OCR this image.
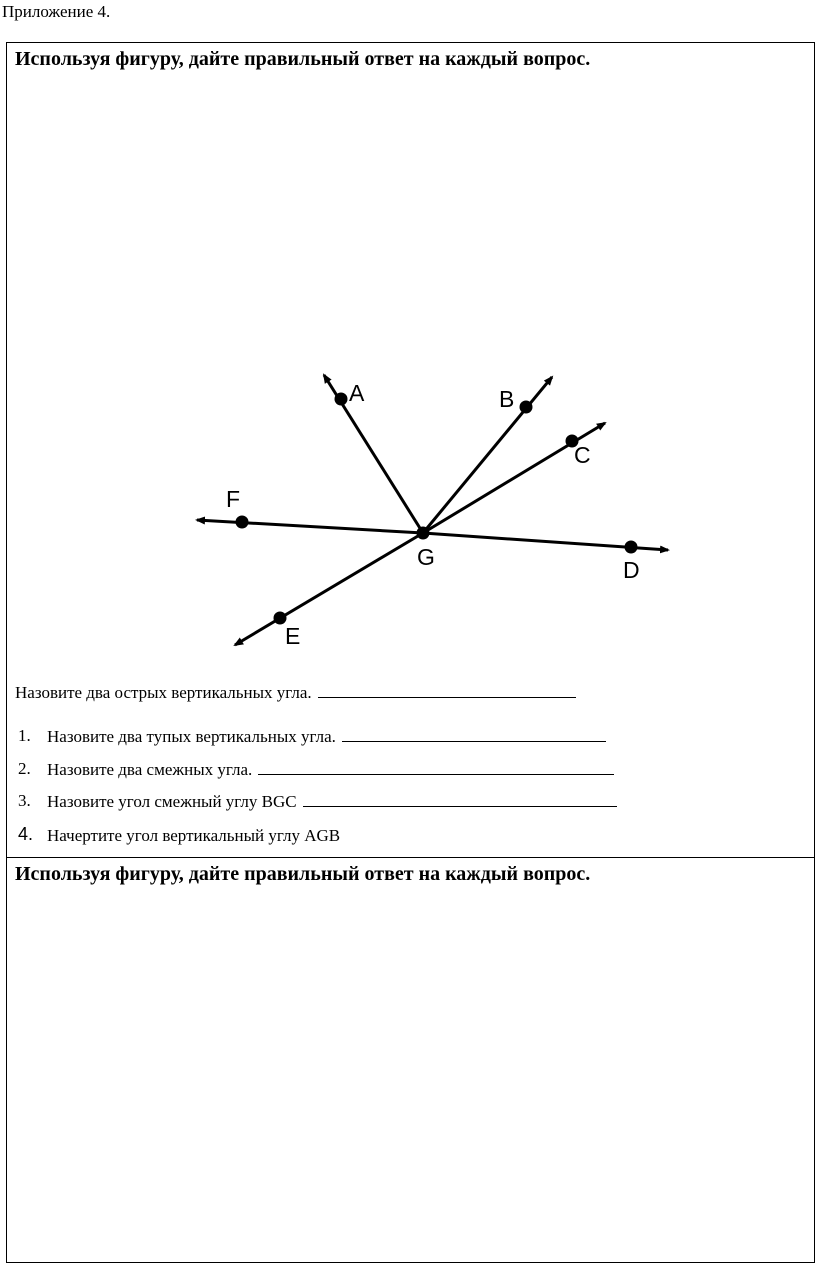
Приложение 4.
Используя фигуру, дайте правильный ответ на каждый вопрос.
A	B
C
D
E
F
G
Назовите два острых вертикальных угла.
1. Назовите два тупых вертикальных угла.
2. Назовите два смежных угла.
3. Назовите угол смежный углу BGC
4. Начертите угол вертикальный углу AGB
Используя фигуру, дайте правильный ответ на каждый вопрос.
